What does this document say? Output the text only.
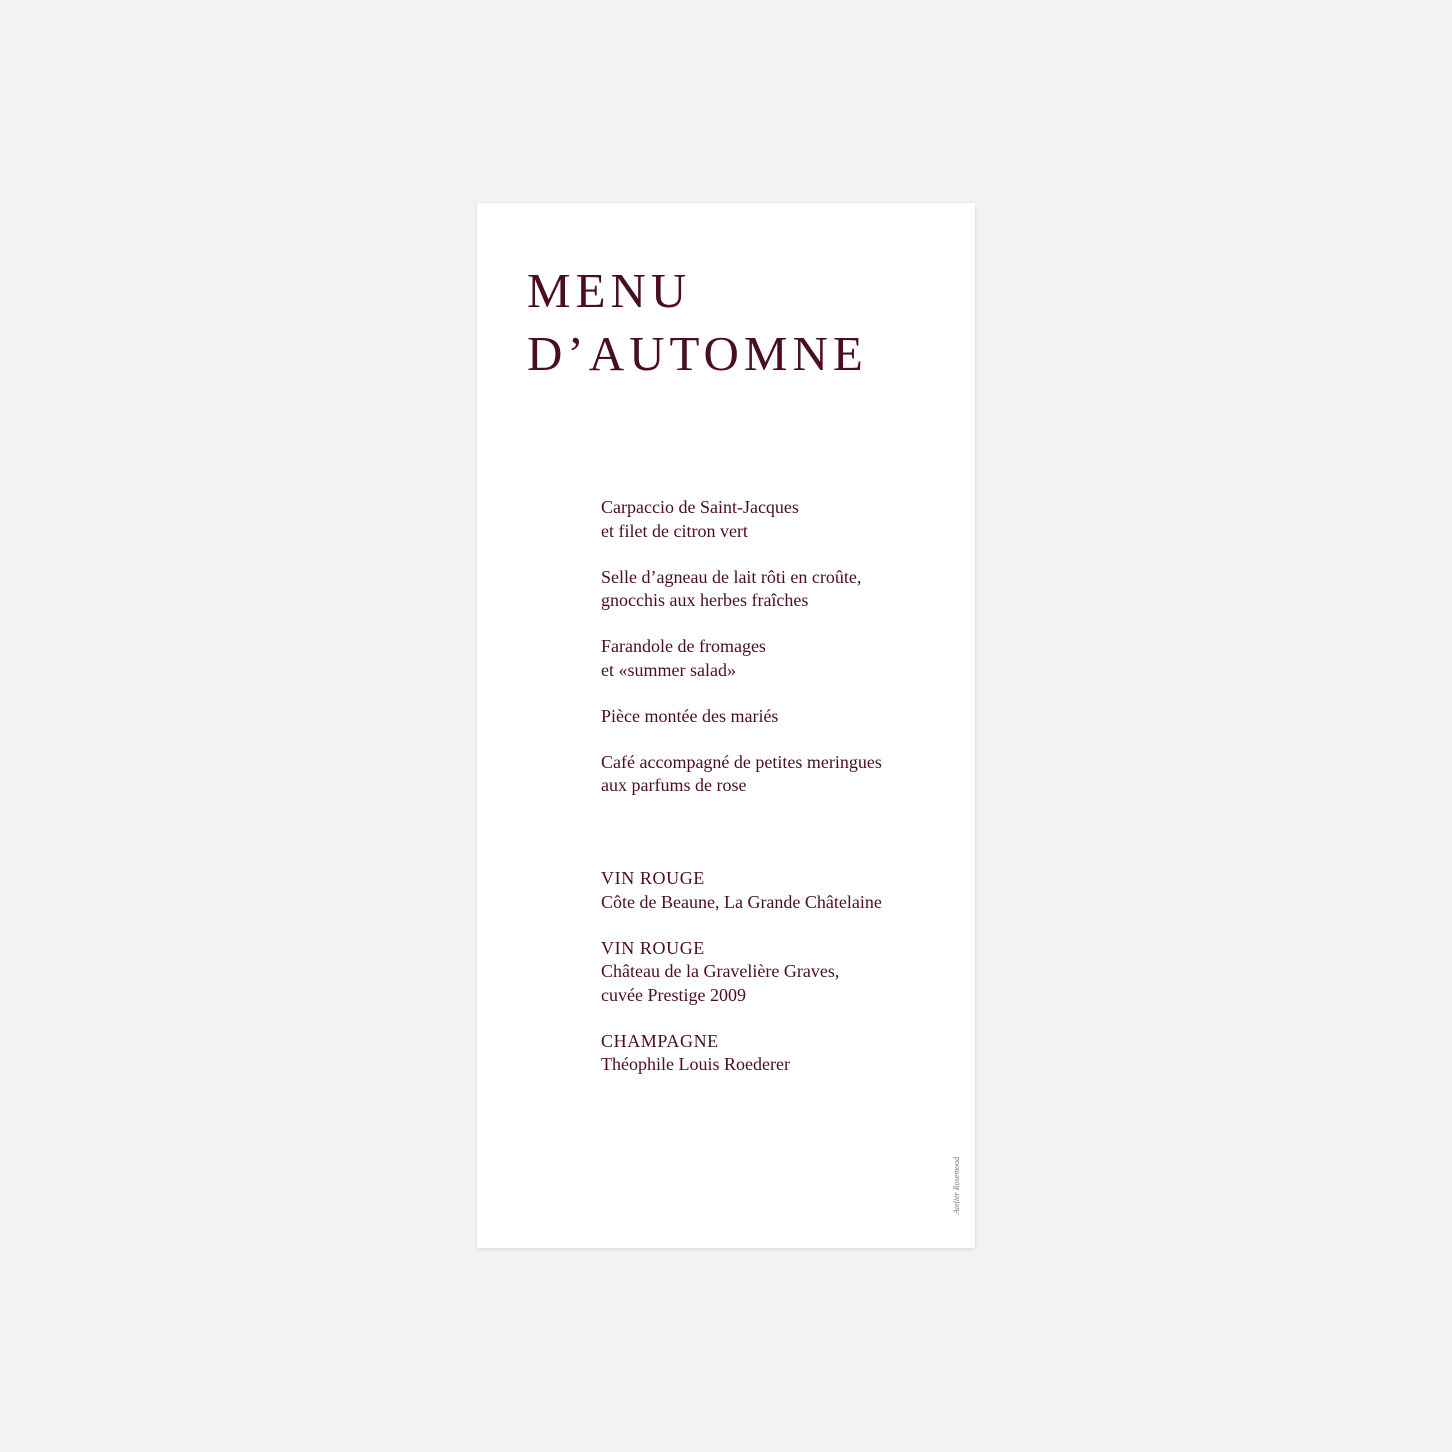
MENU
D’AUTOMNE

Carpaccio de Saint-Jacques
et filet de citron vert

Selle d’agneau de lait rôti en croûte,
gnocchis aux herbes fraîches

Farandole de fromages
et «summer salad»

Pièce montée des mariés

Café accompagné de petites meringues
aux parfums de rose

VIN ROUGE
Côte de Beaune, La Grande Châtelaine

VIN ROUGE
Château de la Gravelière Graves,
cuvée Prestige 2009

CHAMPAGNE
Théophile Louis Roederer

Atelier Rosemood
